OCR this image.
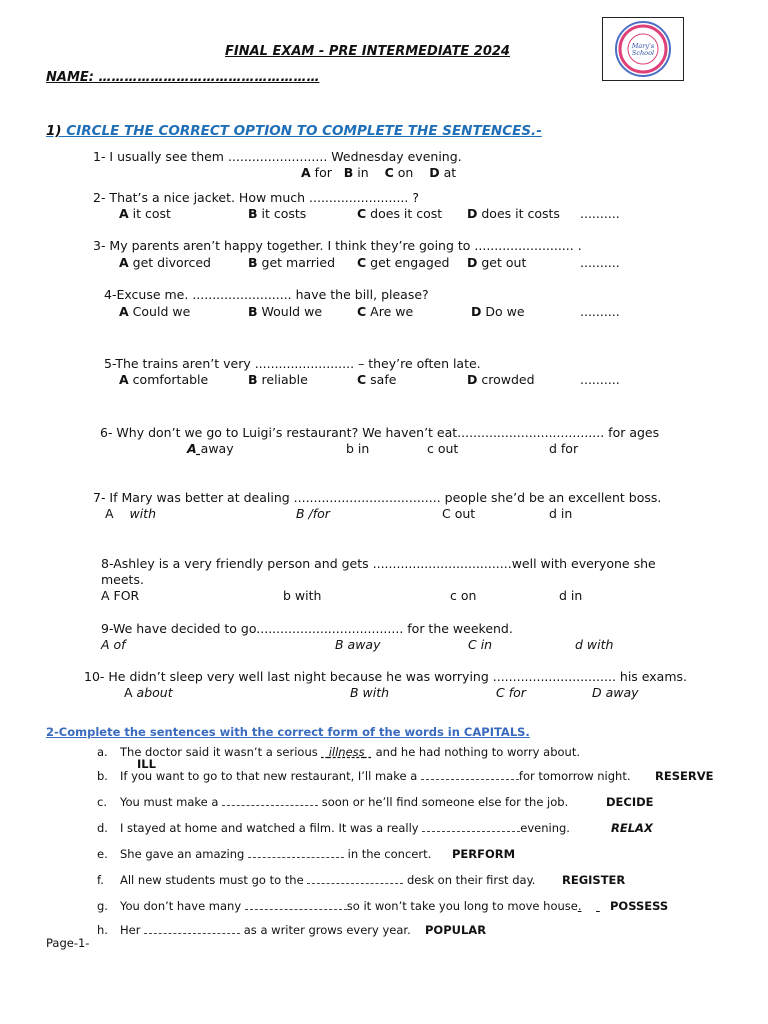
Mary's
School
FINAL EXAM - PRE INTERMEDIATE 2024
NAME: ……………………………………………
1) CIRCLE THE CORRECT OPTION TO COMPLETE THE SENTENCES.-
1- I usually see them ......................... Wednesday evening.
A for B in C on D at
2- That’s a nice jacket. How much ......................... ?
A it cost	B it costs	C does it cost D does it costs ..........
3- My parents aren’t happy together. I think they’re going to ......................... .
A get divorced	B get married C get engaged D get out	..........
4-Excuse me. ......................... have the bill, please?
A Could we	B Would we	C Are we	D Do we	..........
5-The trains aren’t very ......................... – they’re often late.
A comfortable	B reliable	C safe	D crowded	..........
6- Why don’t we go to Luigi’s restaurant? We haven’t eat..................................... for ages
A away	b in	c out	d for
7- If Mary was better at dealing ..................................... people she’d be an excellent boss.
A with	B /for	C out	d in
8-Ashley is a very friendly person and gets ...................................well with everyone she
meets.
A FOR	b with	c on	d in
9-We have decided to go..................................... for the weekend.
A of	B away	C in	d with
10- He didn’t sleep very well last night because he was worrying ............................... his exams.
A about	B with	C for	D away
2-Complete the sentences with the correct form of the words in CAPITALS.
a. The doctor said it wasn’t a serious   illness   and he had nothing to worry about.
ILL
b. If you want to go to that new restaurant, I’ll make a	for tomorrow night. RESERVE
c. You must make a	soon or he’ll find someone else for the job.	DECIDE
d. I stayed at home and watched a film. It was a really	evening.	RELAX
e. She gave an amazing	in the concert. PERFORM
f. All new students must go to the	desk on their first day. REGISTER
g. You don’t have many	so it won’t take you long to move house.	POSSESS
h. Her	as a writer grows every year. POPULAR
Page-1-
